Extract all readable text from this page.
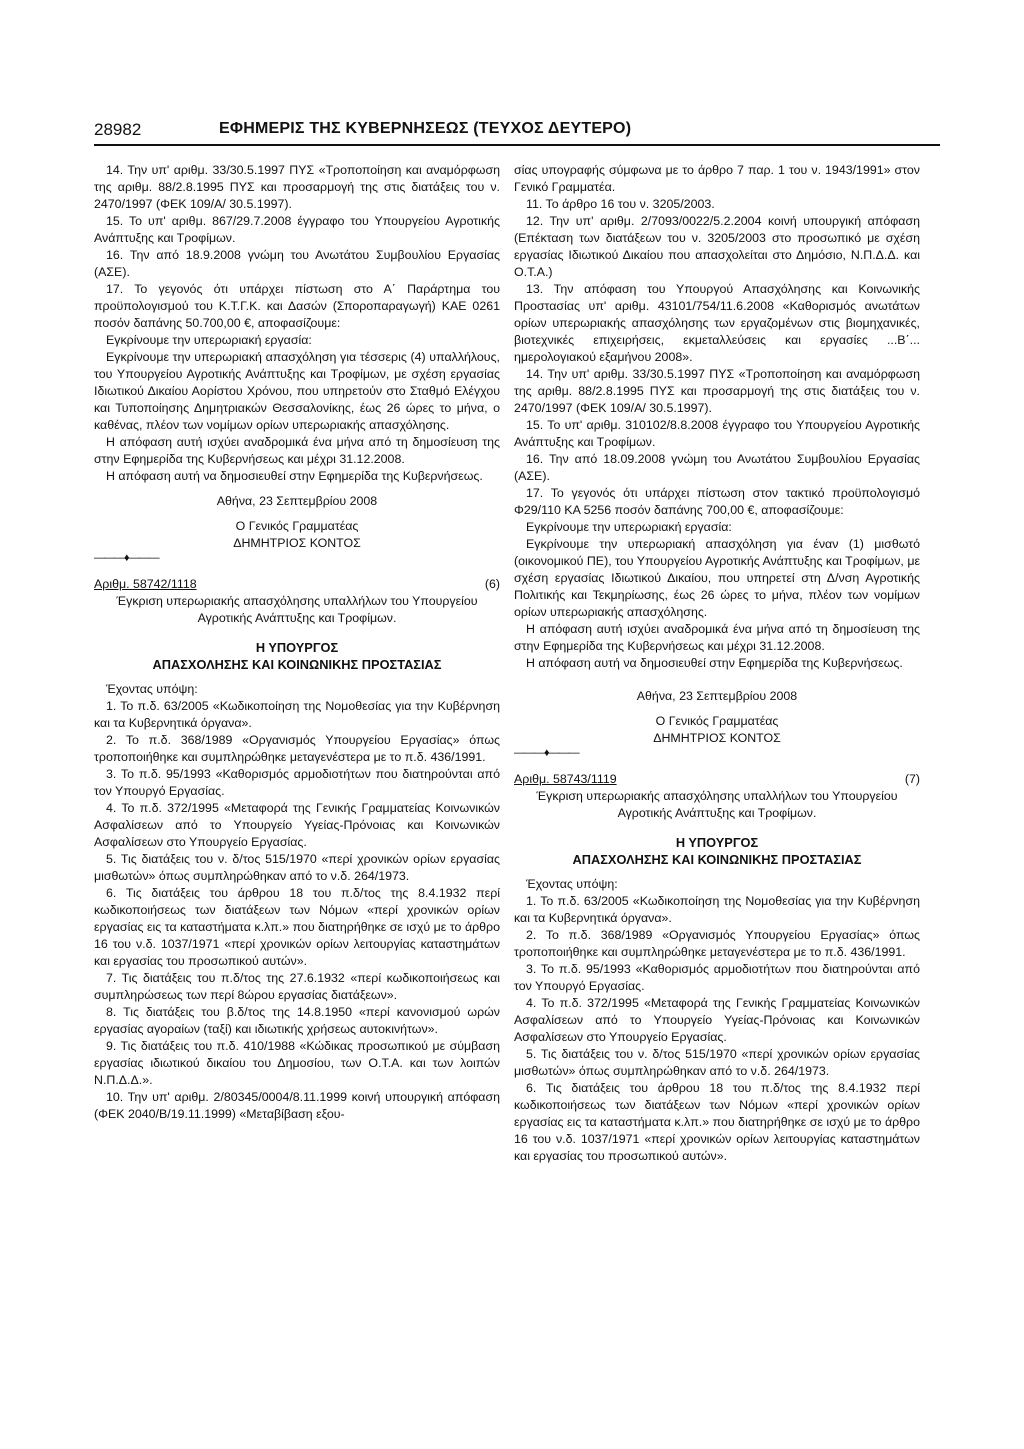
28982	ΕΦΗΜΕΡΙΣ ΤΗΣ ΚΥΒΕΡΝΗΣΕΩΣ (ΤΕΥΧΟΣ ΔΕΥΤΕΡΟ)

14. Την υπ' αριθμ. 33/30.5.1997 ΠΥΣ «Τροποποίηση και αναμόρφωση της αριθμ. 88/2.8.1995 ΠΥΣ και προσαρμογή της στις διατάξεις του ν. 2470/1997 (ΦΕΚ 109/Α/ 30.5.1997).

15. Το υπ' αριθμ. 867/29.7.2008 έγγραφο του Υπουργείου Αγροτικής Ανάπτυξης και Τροφίμων.

16. Την από 18.9.2008 γνώμη του Ανωτάτου Συμβουλίου Εργασίας (ΑΣΕ).

17. Το γεγονός ότι υπάρχει πίστωση στο Α΄ Παράρτημα του προϋπολογισμού του Κ.Τ.Γ.Κ. και Δασών (Σποροπαραγωγή) ΚΑΕ 0261 ποσόν δαπάνης 50.700,00 €, αποφασίζουμε:

Εγκρίνουμε την υπερωριακή εργασία:

Εγκρίνουμε την υπερωριακή απασχόληση για τέσσερις (4) υπαλλήλους, του Υπουργείου Αγροτικής Ανάπτυξης και Τροφίμων, με σχέση εργασίας Ιδιωτικού Δικαίου Αορίστου Χρόνου, που υπηρετούν στο Σταθμό Ελέγχου και Τυποποίησης Δημητριακών Θεσσαλονίκης, έως 26 ώρες το μήνα, ο καθένας, πλέον των νομίμων ορίων υπερωριακής απασχόλησης.

Η απόφαση αυτή ισχύει αναδρομικά ένα μήνα από τη δημοσίευση της στην Εφημερίδα της Κυβερνήσεως και μέχρι 31.12.2008.

Η απόφαση αυτή να δημοσιευθεί στην Εφημερίδα της Κυβερνήσεως.

Αθήνα, 23 Σεπτεμβρίου 2008

Ο Γενικός Γραμματέας

ΔΗΜΗΤΡΙΟΣ ΚΟΝΤΟΣ

———♦———

Αριθμ. 58742/1118	(6)

Έγκριση υπερωριακής απασχόλησης υπαλλήλων του Υπουργείου Αγροτικής Ανάπτυξης και Τροφίμων.

Η ΥΠΟΥΡΓΟΣ

ΑΠΑΣΧΟΛΗΣΗΣ ΚΑΙ ΚΟΙΝΩΝΙΚΗΣ ΠΡΟΣΤΑΣΙΑΣ

Έχοντας υπόψη:

1. Το π.δ. 63/2005 «Κωδικοποίηση της Νομοθεσίας για την Κυβέρνηση και τα Κυβερνητικά όργανα».

2. Το π.δ. 368/1989 «Οργανισμός Υπουργείου Εργασίας» όπως τροποποιήθηκε και συμπληρώθηκε μεταγενέστερα με το π.δ. 436/1991.

3. Το π.δ. 95/1993 «Καθορισμός αρμοδιοτήτων που διατηρούνται από τον Υπουργό Εργασίας.

4. Το π.δ. 372/1995 «Μεταφορά της Γενικής Γραμματείας Κοινωνικών Ασφαλίσεων από το Υπουργείο Υγείας-Πρόνοιας και Κοινωνικών Ασφαλίσεων στο Υπουργείο Εργασίας.

5. Τις διατάξεις του ν. δ/τος 515/1970 «περί χρονικών ορίων εργασίας μισθωτών» όπως συμπληρώθηκαν από το ν.δ. 264/1973.

6. Τις διατάξεις του άρθρου 18 του π.δ/τος της 8.4.1932 περί κωδικοποιήσεως των διατάξεων των Νόμων «περί χρονικών ορίων εργασίας εις τα καταστήματα κ.λπ.» που διατηρήθηκε σε ισχύ με το άρθρο 16 του ν.δ. 1037/1971 «περί χρονικών ορίων λειτουργίας καταστημάτων και εργασίας του προσωπικού αυτών».

7. Τις διατάξεις του π.δ/τος της 27.6.1932 «περί κωδικοποιήσεως και συμπληρώσεως των περί 8ώρου εργασίας διατάξεων».

8. Τις διατάξεις του β.δ/τος της 14.8.1950 «περί κανονισμού ωρών εργασίας αγοραίων (ταξί) και ιδιωτικής χρήσεως αυτοκινήτων».

9. Τις διατάξεις του π.δ. 410/1988 «Κώδικας προσωπικού με σύμβαση εργασίας ιδιωτικού δικαίου του Δημοσίου, των Ο.Τ.Α. και των λοιπών Ν.Π.Δ.Δ.».

10. Την υπ' αριθμ. 2/80345/0004/8.11.1999 κοινή υπουργική απόφαση (ΦΕΚ 2040/Β/19.11.1999) «Μεταβίβαση εξου-

σίας υπογραφής σύμφωνα με το άρθρο 7 παρ. 1 του ν. 1943/1991» στον Γενικό Γραμματέα.

11. Το άρθρο 16 του ν. 3205/2003.

12. Την υπ' αριθμ. 2/7093/0022/5.2.2004 κοινή υπουργική απόφαση (Επέκταση των διατάξεων του ν. 3205/2003 στο προσωπικό με σχέση εργασίας Ιδιωτικού Δικαίου που απασχολείται στο Δημόσιο, Ν.Π.Δ.Δ. και Ο.Τ.Α.)

13. Την απόφαση του Υπουργού Απασχόλησης και Κοινωνικής Προστασίας υπ' αριθμ. 43101/754/11.6.2008 «Καθορισμός ανωτάτων ορίων υπερωριακής απασχόλησης των εργαζομένων στις βιομηχανικές, βιοτεχνικές επιχειρήσεις, εκμεταλλεύσεις και εργασίες ...Β΄... ημερολογιακού εξαμήνου 2008».

14. Την υπ' αριθμ. 33/30.5.1997 ΠΥΣ «Τροποποίηση και αναμόρφωση της αριθμ. 88/2.8.1995 ΠΥΣ και προσαρμογή της στις διατάξεις του ν. 2470/1997 (ΦΕΚ 109/Α/ 30.5.1997).

15. Το υπ' αριθμ. 310102/8.8.2008 έγγραφο του Υπουργείου Αγροτικής Ανάπτυξης και Τροφίμων.

16. Την από 18.09.2008 γνώμη του Ανωτάτου Συμβουλίου Εργασίας (ΑΣΕ).

17. Το γεγονός ότι υπάρχει πίστωση στον τακτικό προϋπολογισμό Φ29/110 ΚΑ 5256 ποσόν δαπάνης 700,00 €, αποφασίζουμε:

Εγκρίνουμε την υπερωριακή εργασία:

Εγκρίνουμε την υπερωριακή απασχόληση για έναν (1) μισθωτό (οικονομικού ΠΕ), του Υπουργείου Αγροτικής Ανάπτυξης και Τροφίμων, με σχέση εργασίας Ιδιωτικού Δικαίου, που υπηρετεί στη Δ/νση Αγροτικής Πολιτικής και Τεκμηρίωσης, έως 26 ώρες το μήνα, πλέον των νομίμων ορίων υπερωριακής απασχόλησης.

Η απόφαση αυτή ισχύει αναδρομικά ένα μήνα από τη δημοσίευση της στην Εφημερίδα της Κυβερνήσεως και μέχρι 31.12.2008.

Η απόφαση αυτή να δημοσιευθεί στην Εφημερίδα της Κυβερνήσεως.

Αθήνα, 23 Σεπτεμβρίου 2008

Ο Γενικός Γραμματέας

ΔΗΜΗΤΡΙΟΣ ΚΟΝΤΟΣ

———♦———

Αριθμ. 58743/1119	(7)

Έγκριση υπερωριακής απασχόλησης υπαλλήλων του Υπουργείου Αγροτικής Ανάπτυξης και Τροφίμων.

Η ΥΠΟΥΡΓΟΣ

ΑΠΑΣΧΟΛΗΣΗΣ ΚΑΙ ΚΟΙΝΩΝΙΚΗΣ ΠΡΟΣΤΑΣΙΑΣ

Έχοντας υπόψη:

1. Το π.δ. 63/2005 «Κωδικοποίηση της Νομοθεσίας για την Κυβέρνηση και τα Κυβερνητικά όργανα».

2. Το π.δ. 368/1989 «Οργανισμός Υπουργείου Εργασίας» όπως τροποποιήθηκε και συμπληρώθηκε μεταγενέστερα με το π.δ. 436/1991.

3. Το π.δ. 95/1993 «Καθορισμός αρμοδιοτήτων που διατηρούνται από τον Υπουργό Εργασίας.

4. Το π.δ. 372/1995 «Μεταφορά της Γενικής Γραμματείας Κοινωνικών Ασφαλίσεων από το Υπουργείο Υγείας-Πρόνοιας και Κοινωνικών Ασφαλίσεων στο Υπουργείο Εργασίας.

5. Τις διατάξεις του ν. δ/τος 515/1970 «περί χρονικών ορίων εργασίας μισθωτών» όπως συμπληρώθηκαν από το ν.δ. 264/1973.

6. Τις διατάξεις του άρθρου 18 του π.δ/τος της 8.4.1932 περί κωδικοποιήσεως των διατάξεων των Νόμων «περί χρονικών ορίων εργασίας εις τα καταστήματα κ.λπ.» που διατηρήθηκε σε ισχύ με το άρθρο 16 του ν.δ. 1037/1971 «περί χρονικών ορίων λειτουργίας καταστημάτων και εργασίας του προσωπικού αυτών».
